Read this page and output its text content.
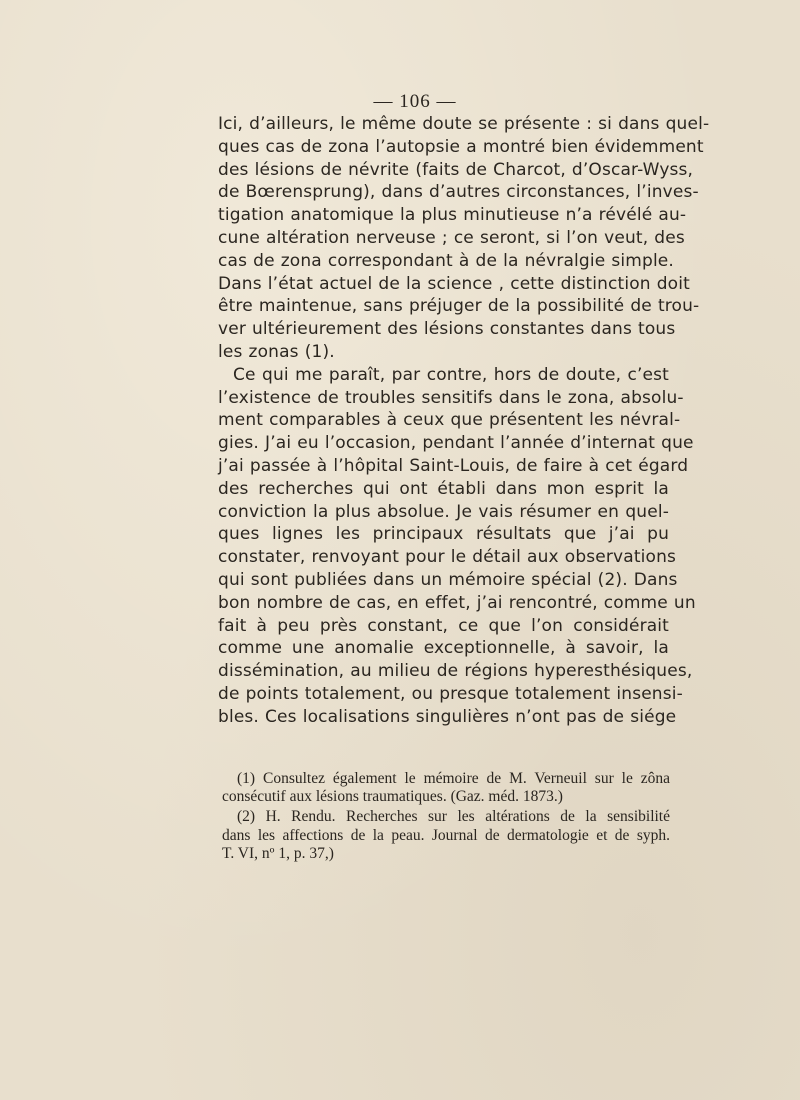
— 106 —
Ici, d’ailleurs, le même doute se présente : si dans quel-
ques cas de zona l’autopsie a montré bien évidemment
des lésions de névrite (faits de Charcot, d’Oscar-Wyss,
de Bœrensprung), dans d’autres circonstances, l’inves-
tigation anatomique la plus minutieuse n’a révélé au-
cune altération nerveuse ; ce seront, si l’on veut, des
cas de zona correspondant à de la névralgie simple.
Dans l’état actuel de la science , cette distinction doit
être maintenue, sans préjuger de la possibilité de trou-
ver ultérieurement des lésions constantes dans tous
les zonas (1).
Ce qui me paraît, par contre, hors de doute, c’est
l’existence de troubles sensitifs dans le zona, absolu-
ment comparables à ceux que présentent les névral-
gies. J’ai eu l’occasion, pendant l’année d’internat que
j’ai passée à l’hôpital Saint-Louis, de faire à cet égard
des recherches qui ont établi dans mon esprit la
conviction la plus absolue. Je vais résumer en quel-
ques lignes les principaux résultats que j’ai pu
constater, renvoyant pour le détail aux observations
qui sont publiées dans un mémoire spécial (2). Dans
bon nombre de cas, en effet, j’ai rencontré, comme un
fait à peu près constant, ce que l’on considérait
comme une anomalie exceptionnelle, à savoir, la
dissémination, au milieu de régions hyperesthésiques,
de points totalement, ou presque totalement insensi-
bles. Ces localisations singulières n’ont pas de siége
(1) Consultez également le mémoire de M. Verneuil sur le zôna
consécutif aux lésions traumatiques. (Gaz. méd. 1873.)
(2) H. Rendu. Recherches sur les altérations de la sensibilité
dans les affections de la peau. Journal de dermatologie et de syph.
T. VI, nº 1, p. 37,)
